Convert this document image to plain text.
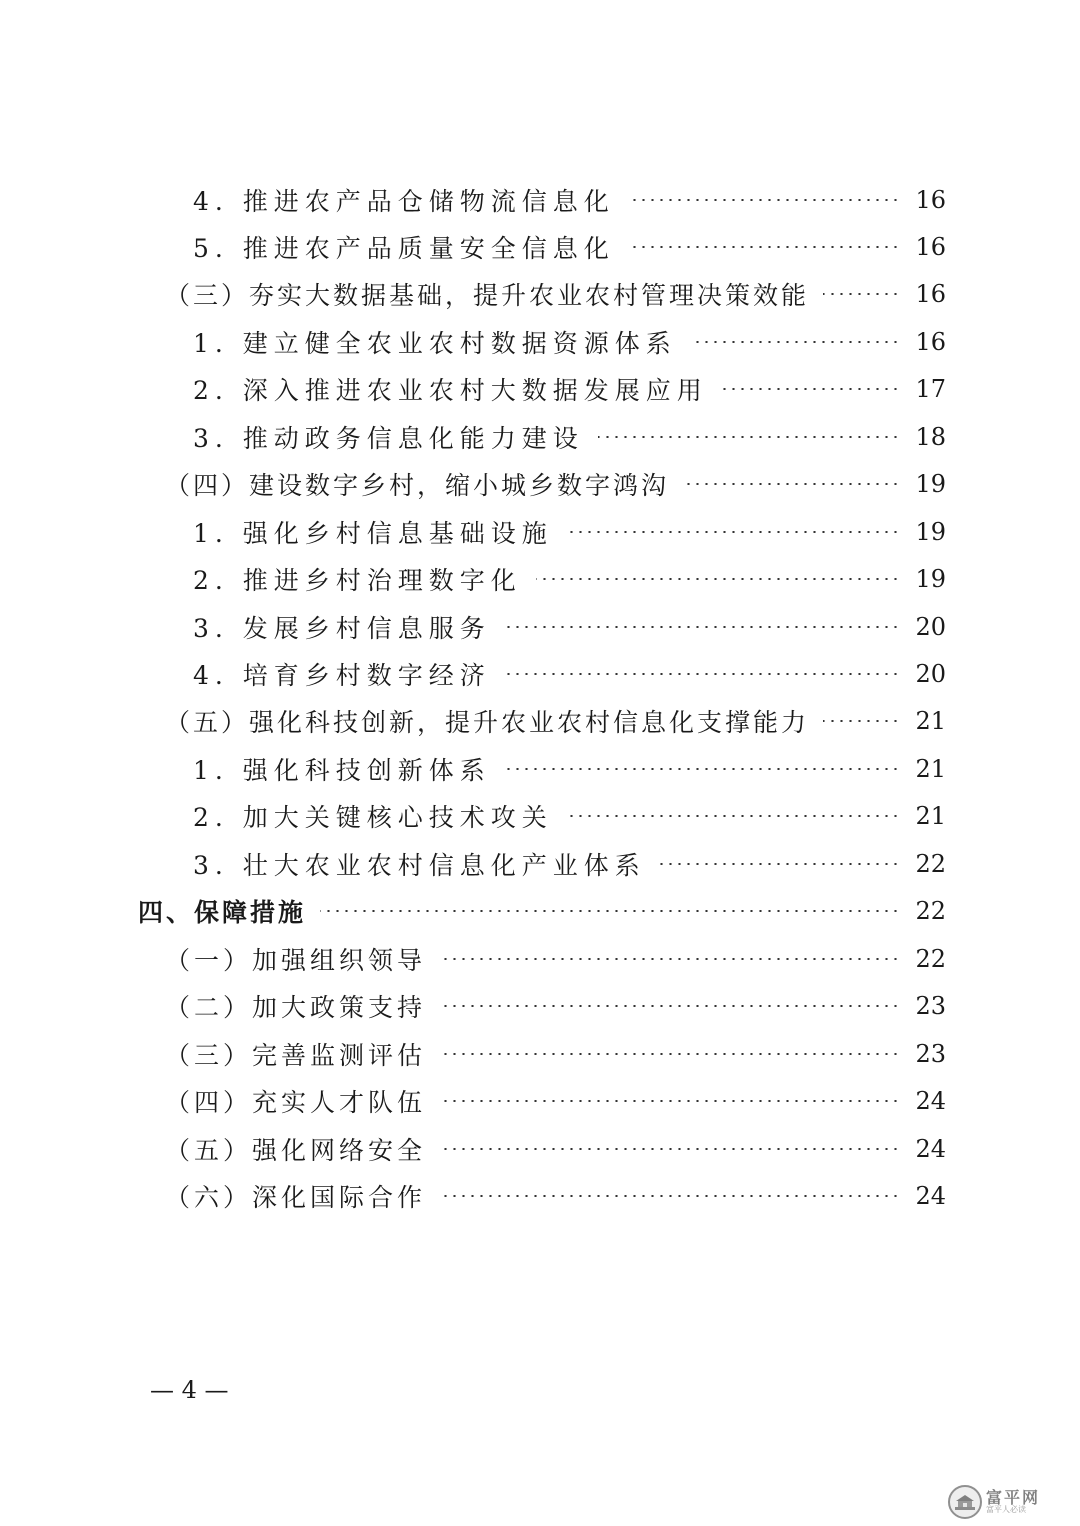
4. 推进农产品仓储物流信息化	16
5. 推进农产品质量安全信息化	16
（三）夯实大数据基础，提升农业农村管理决策效能	16
1. 建立健全农业农村数据资源体系	16
2. 深入推进农业农村大数据发展应用	17
3. 推动政务信息化能力建设	18
（四）建设数字乡村，缩小城乡数字鸿沟	19
1. 强化乡村信息基础设施	19
2. 推进乡村治理数字化	19
3. 发展乡村信息服务	20
4. 培育乡村数字经济	20
（五）强化科技创新，提升农业农村信息化支撑能力	21
1. 强化科技创新体系	21
2. 加大关键核心技术攻关	21
3. 壮大农业农村信息化产业体系	22
四、保障措施	22
（一）加强组织领导	22
（二）加大政策支持	23
（三）完善监测评估	23
（四）充实人才队伍	24
（五）强化网络安全	24
（六）深化国际合作	24
— 4 —
富平网
富平人必读
